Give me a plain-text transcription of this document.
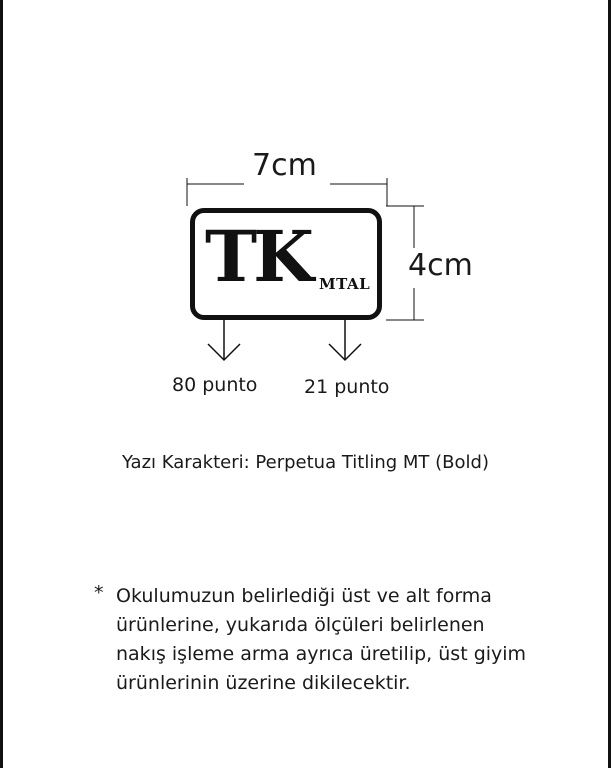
7cm
4cm
TK MTAL
80 punto 21 punto
Yazı Karakteri: Perpetua Titling MT (Bold)
* Okulumuzun belirlediği üst ve alt forma
ürünlerine, yukarıda ölçüleri belirlenen
nakış işleme arma ayrıca üretilip, üst giyim
ürünlerinin üzerine dikilecektir.
